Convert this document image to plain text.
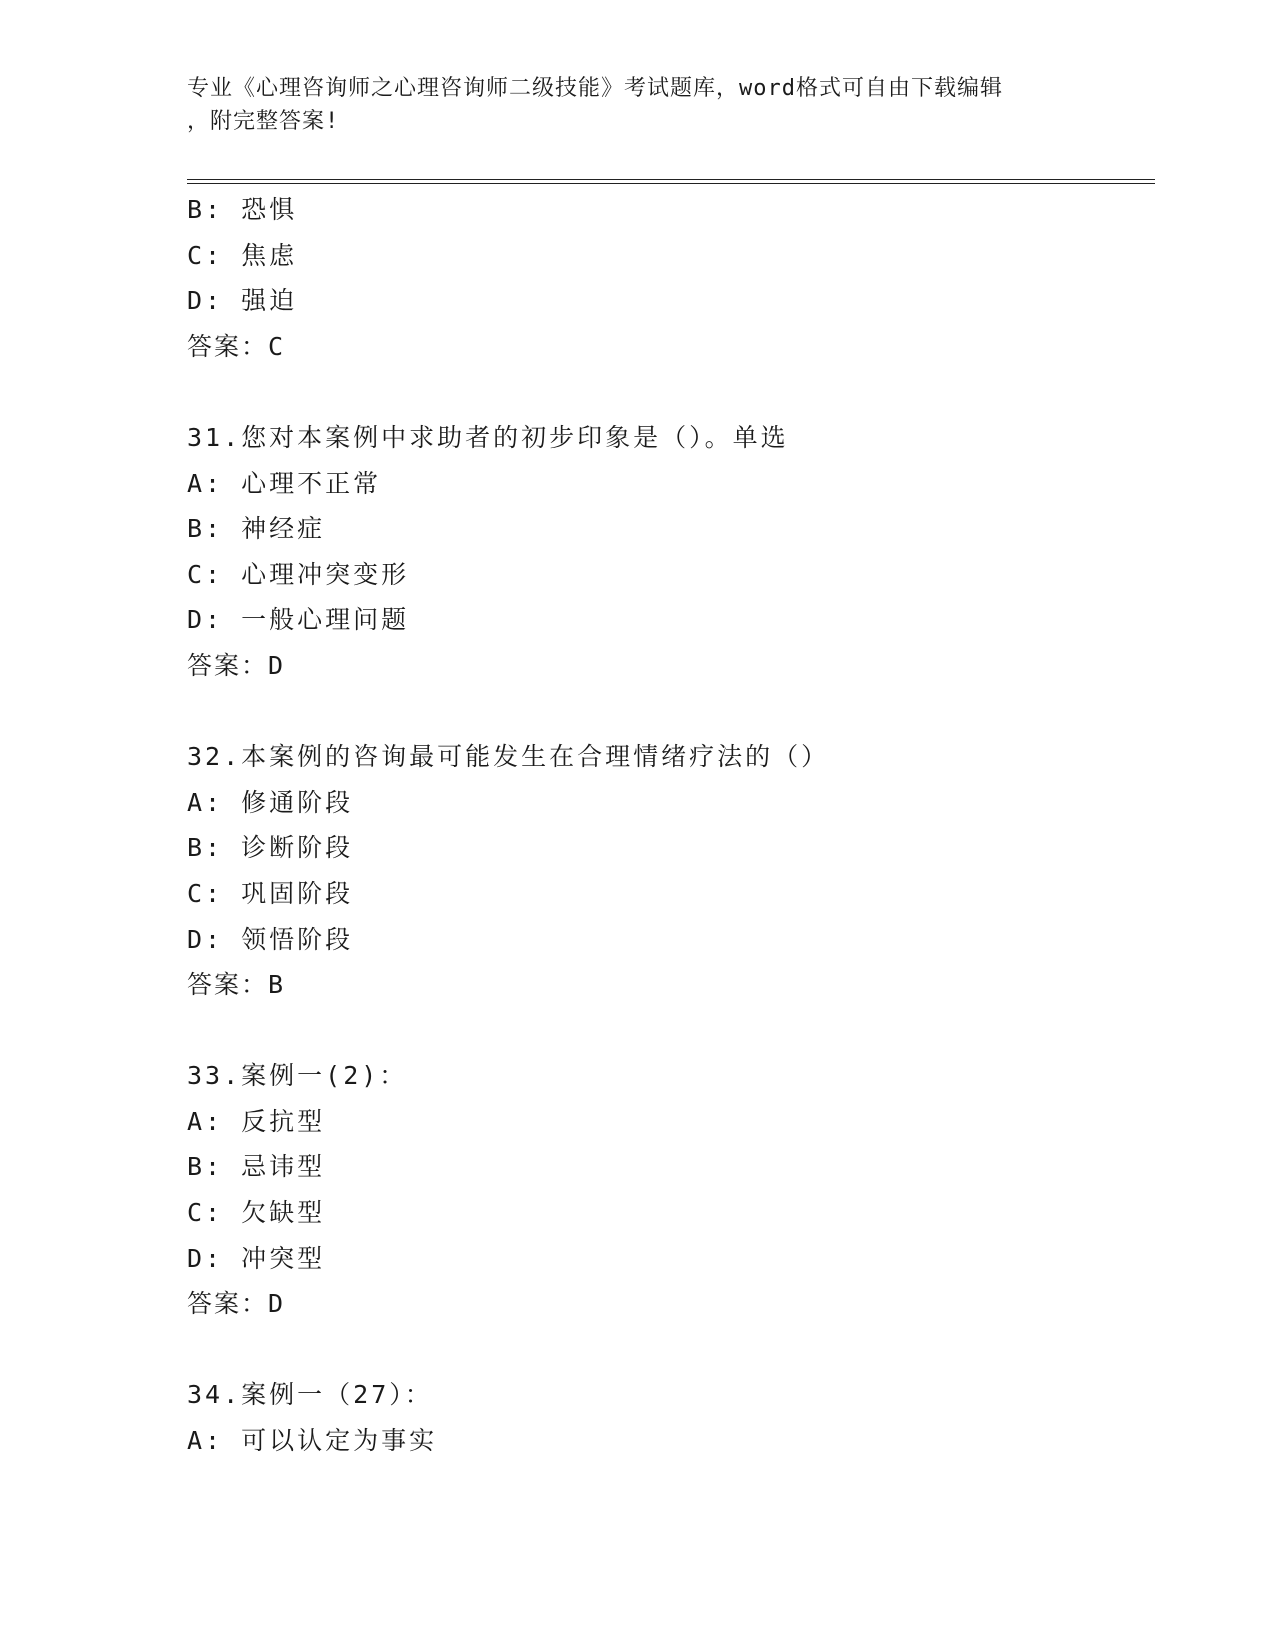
专业《心理咨询师之心理咨询师二级技能》考试题库，word格式可自由下载编辑
，附完整答案!
B: 恐惧
C: 焦虑
D: 强迫
答案：C
31.您对本案例中求助者的初步印象是（）。单选
A: 心理不正常
B: 神经症
C: 心理冲突变形
D: 一般心理问题
答案：D
32.本案例的咨询最可能发生在合理情绪疗法的（）
A: 修通阶段
B: 诊断阶段
C: 巩固阶段
D: 领悟阶段
答案：B
33.案例一(2)：
A: 反抗型
B: 忌讳型
C: 欠缺型
D: 冲突型
答案：D
34.案例一（27）：
A: 可以认定为事实
